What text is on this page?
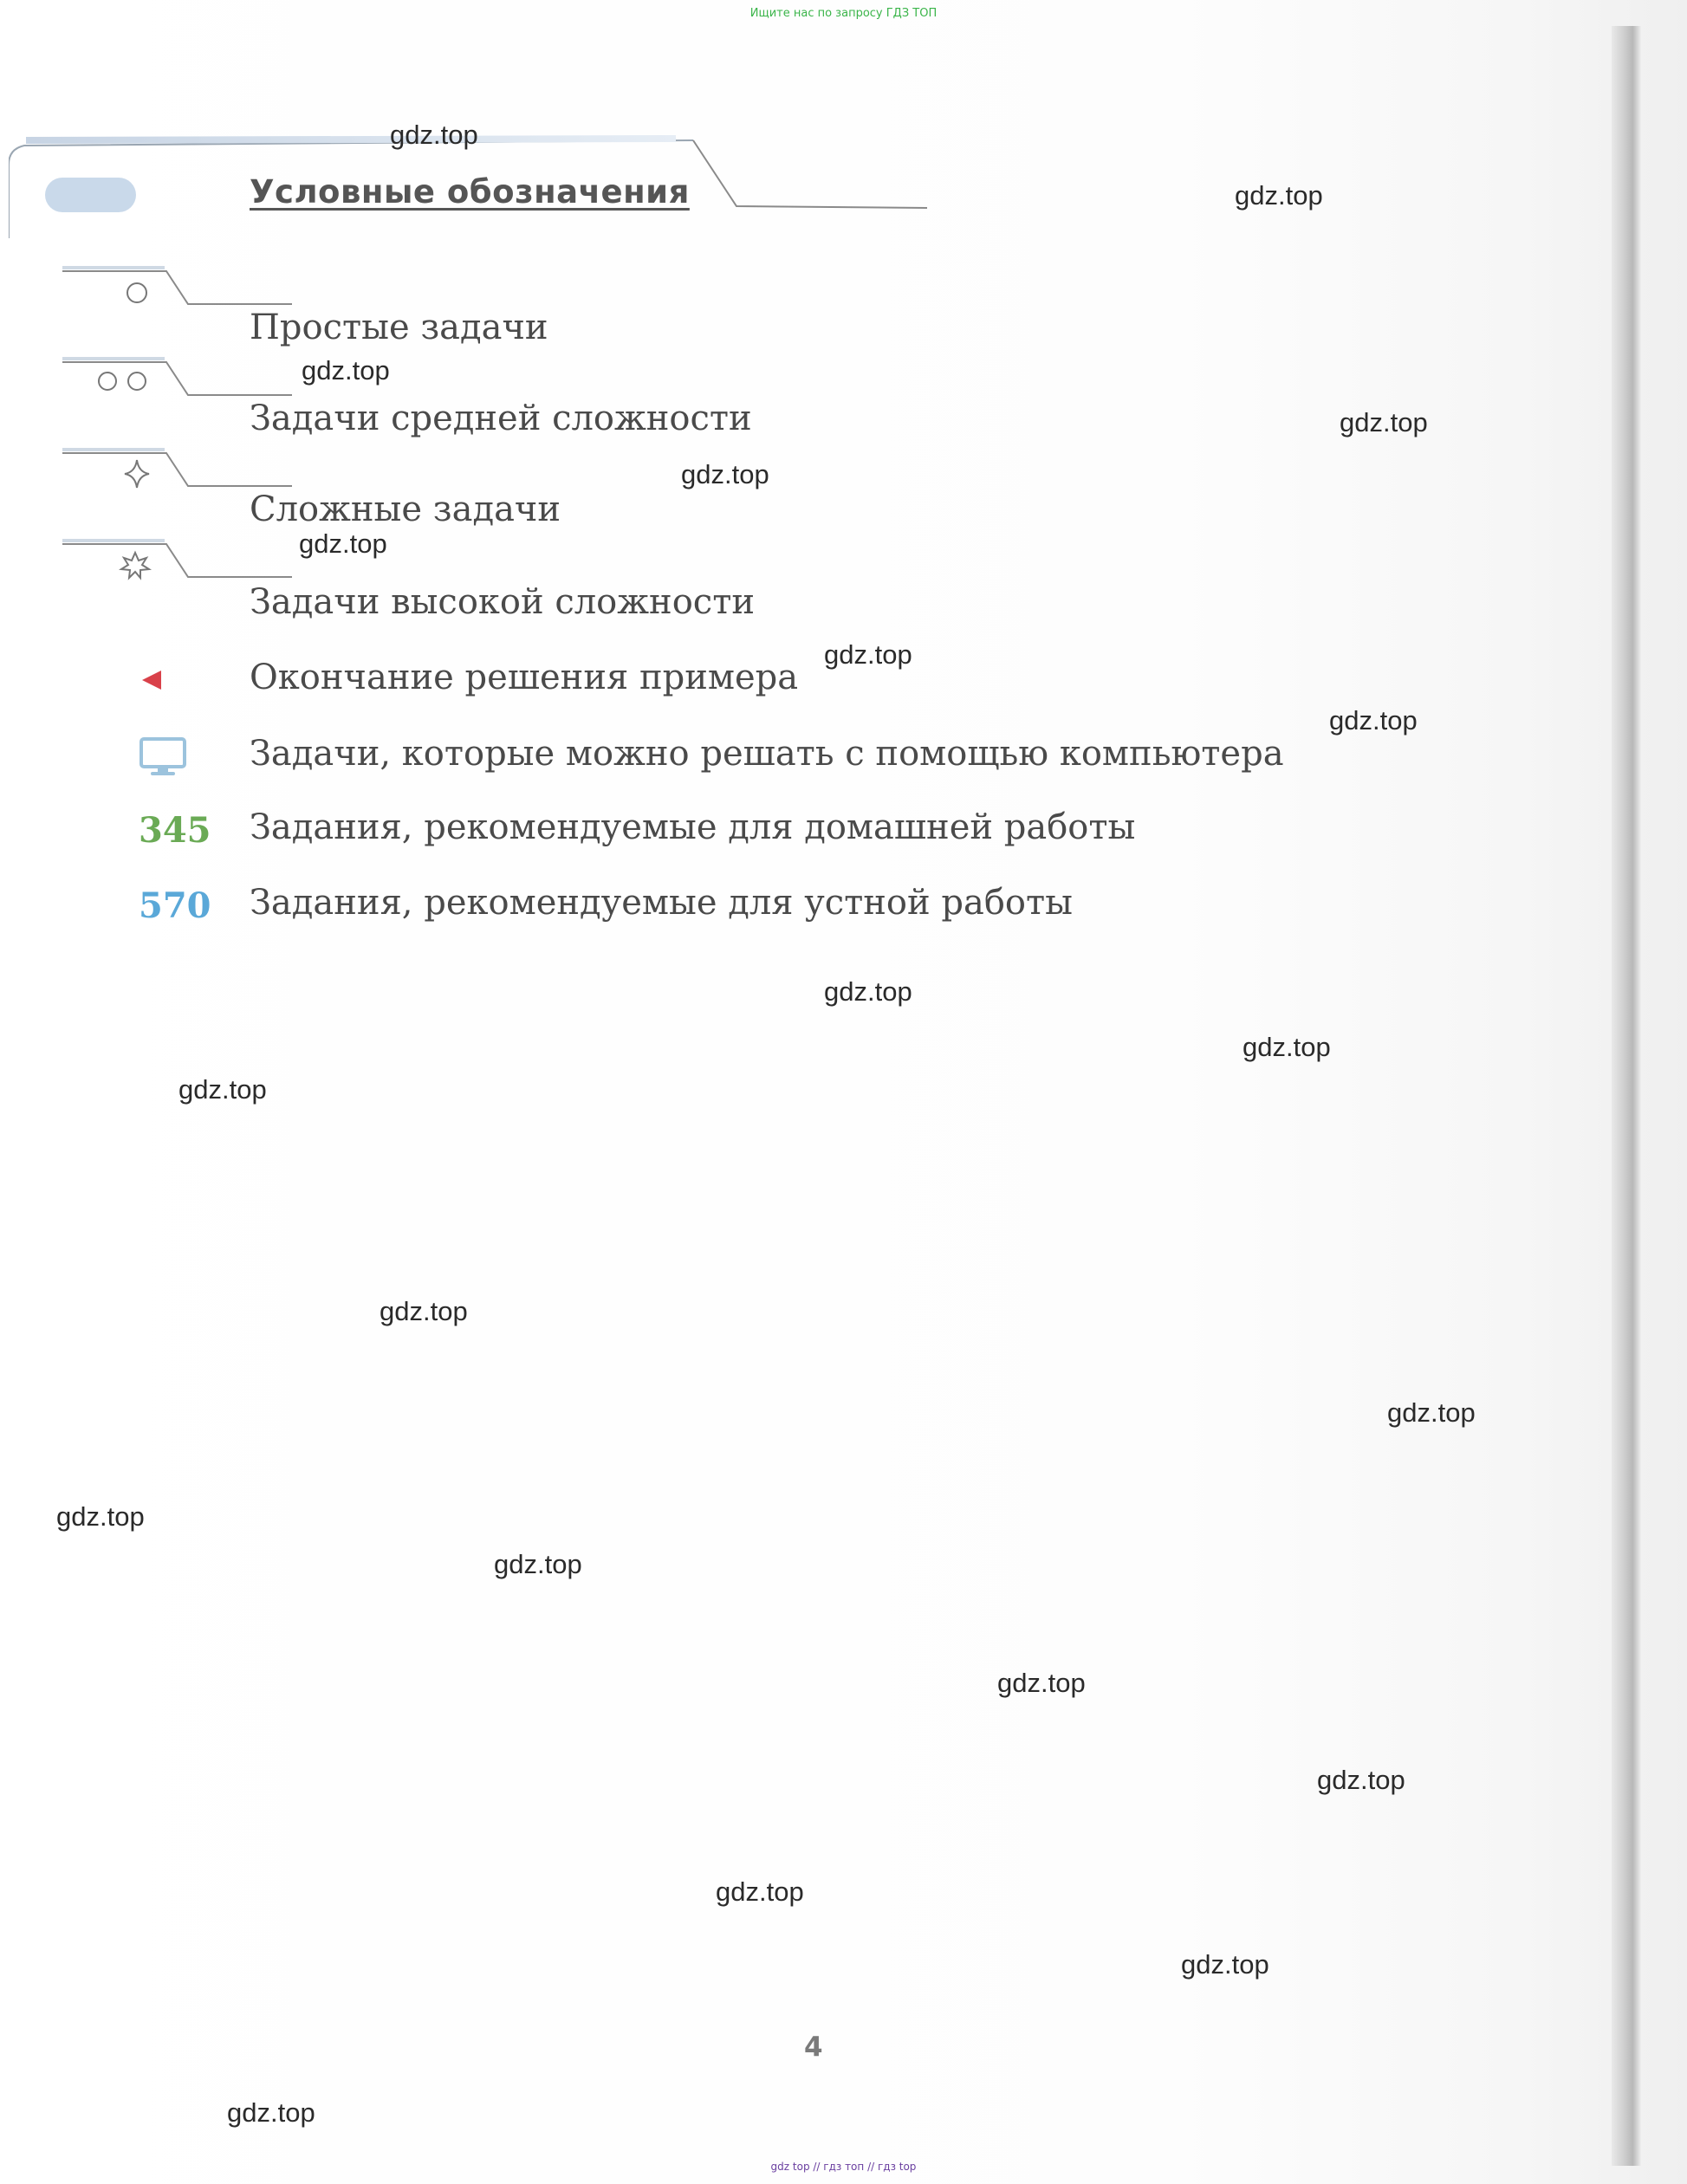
Ищите нас по запросу ГДЗ ТОП
Условные обозначения
Простые задачи
Задачи средней сложности
Сложные задачи
Задачи высокой сложности
Окончание решения примера
Задачи, которые можно решать с помощью компьютера
345 Задания, рекомендуемые для домашней работы
570 Задания, рекомендуемые для устной работы
gdz.top
gdz.top
gdz.top
gdz.top
gdz.top
gdz.top
gdz.top
gdz.top
gdz.top
gdz.top
gdz.top
gdz.top
gdz.top
gdz.top
gdz.top
gdz.top
gdz.top
gdz.top
gdz.top
gdz.top
4
gdz top // гдз топ // гдз top
